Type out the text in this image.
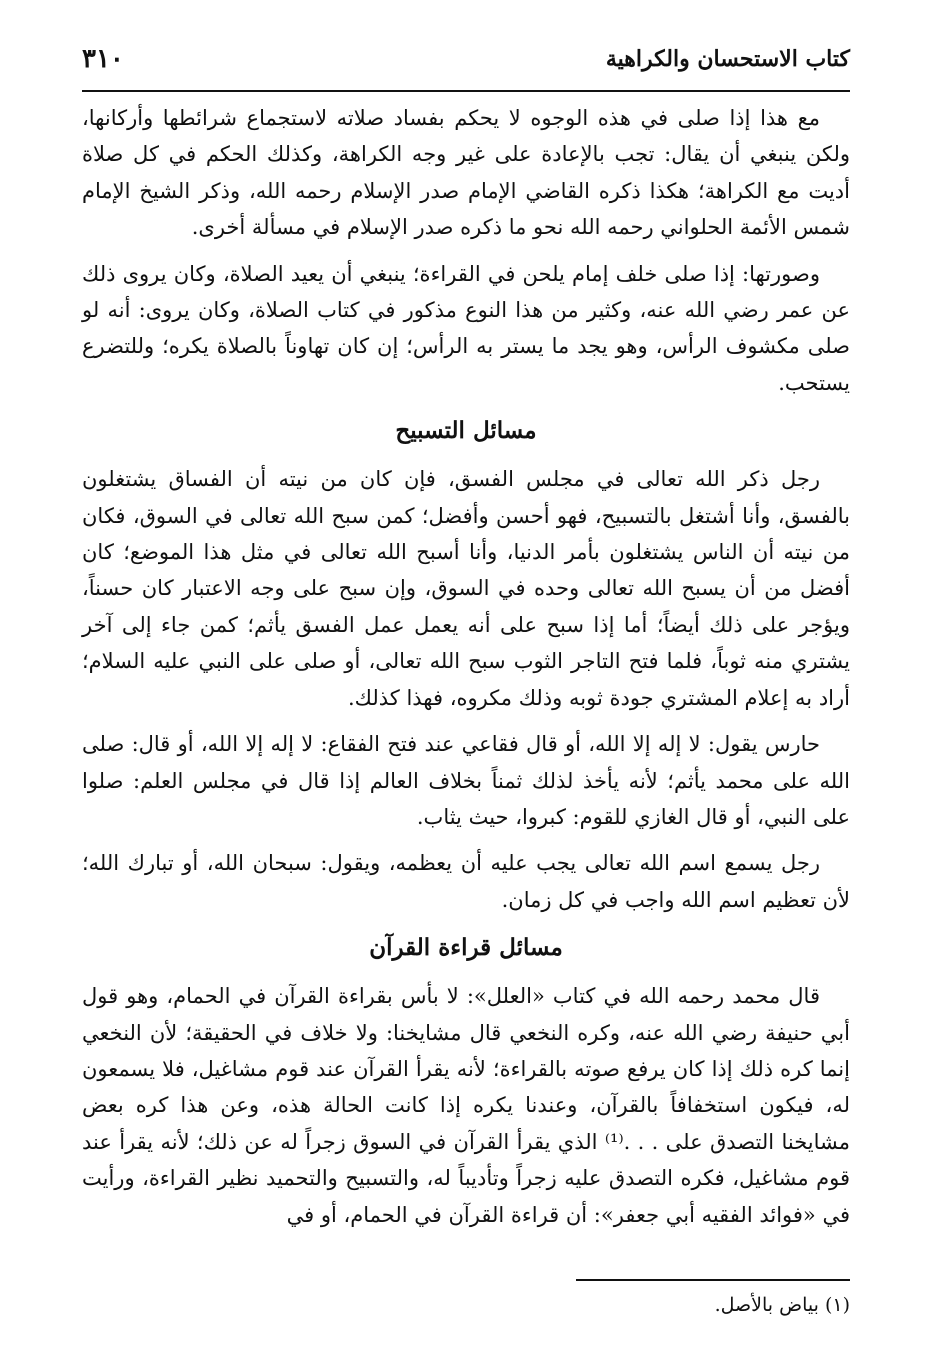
كتاب الاستحسان والكراهية
٣١٠
مع هذا إذا صلى في هذه الوجوه لا يحكم بفساد صلاته لاستجماع شرائطها وأركانها، ولكن ينبغي أن يقال: تجب بالإعادة على غير وجه الكراهة، وكذلك الحكم في كل صلاة أديت مع الكراهة؛ هكذا ذكره القاضي الإمام صدر الإسلام رحمه الله، وذكر الشيخ الإمام شمس الأئمة الحلواني رحمه الله نحو ما ذكره صدر الإسلام في مسألة أخرى.
وصورتها: إذا صلى خلف إمام يلحن في القراءة؛ ينبغي أن يعيد الصلاة، وكان يروى ذلك عن عمر رضي الله عنه، وكثير من هذا النوع مذكور في كتاب الصلاة، وكان يروى: أنه لو صلى مكشوف الرأس، وهو يجد ما يستر به الرأس؛ إن كان تهاوناً بالصلاة يكره؛ وللتضرع يستحب.
مسائل التسبيح
رجل ذكر الله تعالى في مجلس الفسق، فإن كان من نيته أن الفساق يشتغلون بالفسق، وأنا أشتغل بالتسبيح، فهو أحسن وأفضل؛ كمن سبح الله تعالى في السوق، فكان من نيته أن الناس يشتغلون بأمر الدنيا، وأنا أسبح الله تعالى في مثل هذا الموضع؛ كان أفضل من أن يسبح الله تعالى وحده في السوق، وإن سبح على وجه الاعتبار كان حسناً، ويؤجر على ذلك أيضاً؛ أما إذا سبح على أنه يعمل عمل الفسق يأثم؛ كمن جاء إلى آخر يشتري منه ثوباً، فلما فتح التاجر الثوب سبح الله تعالى، أو صلى على النبي عليه السلام؛ أراد به إعلام المشتري جودة ثوبه وذلك مكروه، فهذا كذلك.
حارس يقول: لا إله إلا الله، أو قال فقاعي عند فتح الفقاع: لا إله إلا الله، أو قال: صلى الله على محمد يأثم؛ لأنه يأخذ لذلك ثمناً بخلاف العالم إذا قال في مجلس العلم: صلوا على النبي، أو قال الغازي للقوم: كبروا، حيث يثاب.
رجل يسمع اسم الله تعالى يجب عليه أن يعظمه، ويقول: سبحان الله، أو تبارك الله؛ لأن تعظيم اسم الله واجب في كل زمان.
مسائل قراءة القرآن
قال محمد رحمه الله في كتاب «العلل»: لا بأس بقراءة القرآن في الحمام، وهو قول أبي حنيفة رضي الله عنه، وكره النخعي قال مشايخنا: ولا خلاف في الحقيقة؛ لأن النخعي إنما كره ذلك إذا كان يرفع صوته بالقراءة؛ لأنه يقرأ القرآن عند قوم مشاغيل، فلا يسمعون له، فيكون استخفافاً بالقرآن، وعندنا يكره إذا كانت الحالة هذه، وعن هذا كره بعض مشايخنا التصدق على . . .⁽¹⁾ الذي يقرأ القرآن في السوق زجراً له عن ذلك؛ لأنه يقرأ عند قوم مشاغيل، فكره التصدق عليه زجراً وتأديباً له، والتسبيح والتحميد نظير القراءة، ورأيت في «فوائد الفقيه أبي جعفر»: أن قراءة القرآن في الحمام، أو في
(١) بياض بالأصل.
